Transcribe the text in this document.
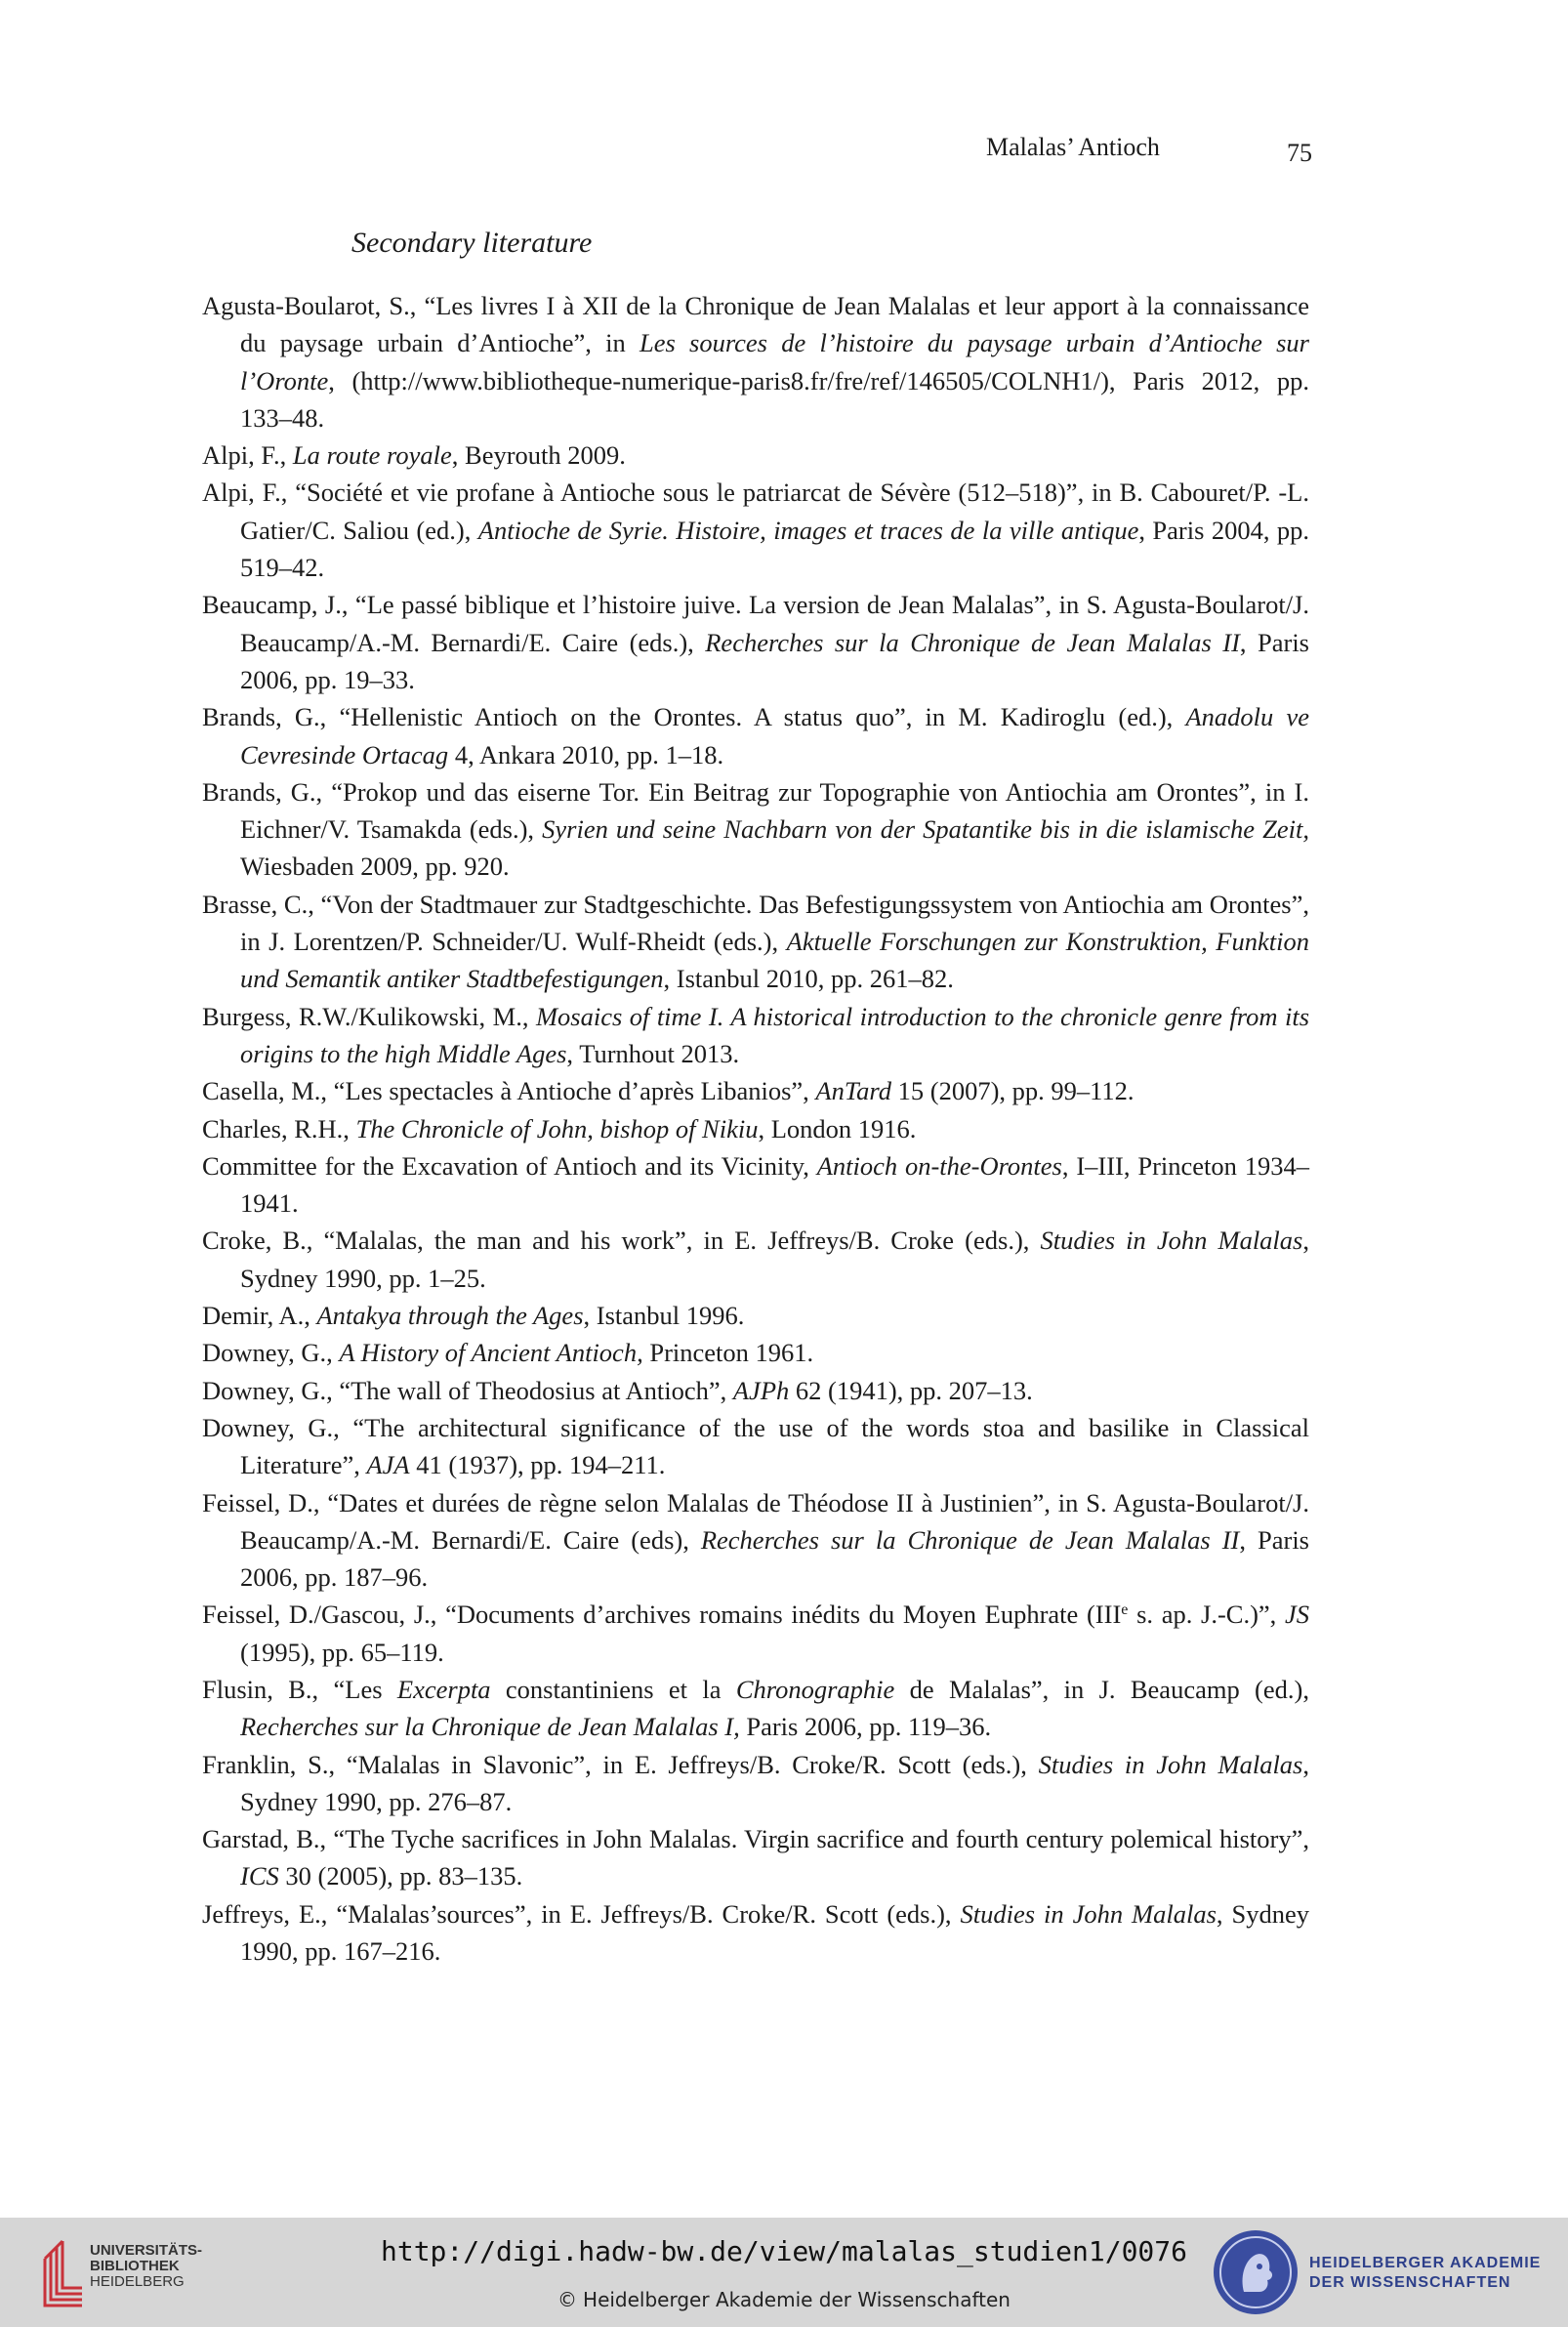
Malalas’ Antioch	75
Secondary literature
Agusta-Boularot, S., “Les livres I à XII de la Chronique de Jean Malalas et leur apport à la connaissance du paysage urbain d’Antioche”, in Les sources de l’histoire du paysage urbain d’Antioche sur l’Oronte, (http://www.bibliotheque-numerique-paris8.fr/fre/ref/146505/COLNH1/), Paris 2012, pp. 133–48.
Alpi, F., La route royale, Beyrouth 2009.
Alpi, F., “Société et vie profane à Antioche sous le patriarcat de Sévère (512–518)”, in B. Cabouret/P. -L. Gatier/C. Saliou (ed.), Antioche de Syrie. Histoire, images et traces de la ville antique, Paris 2004, pp. 519–42.
Beaucamp, J., “Le passé biblique et l’histoire juive. La version de Jean Malalas”, in S. Agusta-Boularot/J. Beaucamp/A.-M. Bernardi/E. Caire (eds.), Recherches sur la Chronique de Jean Malalas II, Paris 2006, pp. 19–33.
Brands, G., “Hellenistic Antioch on the Orontes. A status quo”, in M. Kadiroglu (ed.), Anadolu ve Cevresinde Ortacag 4, Ankara 2010, pp. 1–18.
Brands, G., “Prokop und das eiserne Tor. Ein Beitrag zur Topographie von Antiochia am Orontes”, in I. Eichner/V. Tsamakda (eds.), Syrien und seine Nachbarn von der Spatantike bis in die islamische Zeit, Wiesbaden 2009, pp. 920.
Brasse, C., “Von der Stadtmauer zur Stadtgeschichte. Das Befestigungssystem von Antiochia am Orontes”, in J. Lorentzen/P. Schneider/U. Wulf-Rheidt (eds.), Aktuelle Forschungen zur Konstruktion, Funktion und Semantik antiker Stadtbefestigungen, Istanbul 2010, pp. 261–82.
Burgess, R.W./Kulikowski, M., Mosaics of time I. A historical introduction to the chronicle genre from its origins to the high Middle Ages, Turnhout 2013.
Casella, M., “Les spectacles à Antioche d’après Libanios”, AnTard 15 (2007), pp. 99–112.
Charles, R.H., The Chronicle of John, bishop of Nikiu, London 1916.
Committee for the Excavation of Antioch and its Vicinity, Antioch on-the-Orontes, I–III, Princeton 1934–1941.
Croke, B., “Malalas, the man and his work”, in E. Jeffreys/B. Croke (eds.), Studies in John Malalas, Sydney 1990, pp. 1–25.
Demir, A., Antakya through the Ages, Istanbul 1996.
Downey, G., A History of Ancient Antioch, Princeton 1961.
Downey, G., “The wall of Theodosius at Antioch”, AJPh 62 (1941), pp. 207–13.
Downey, G., “The architectural significance of the use of the words stoa and basilike in Classical Literature”, AJA 41 (1937), pp. 194–211.
Feissel, D., “Dates et durées de règne selon Malalas de Théodose II à Justinien”, in S. Agusta-Boularot/J. Beaucamp/A.-M. Bernardi/E. Caire (eds), Recherches sur la Chronique de Jean Malalas II, Paris 2006, pp. 187–96.
Feissel, D./Gascou, J., “Documents d’archives romains inédits du Moyen Euphrate (IIIe s. ap. J.-C.)”, JS (1995), pp. 65–119.
Flusin, B., “Les Excerpta constantiniens et la Chronographie de Malalas”, in J. Beaucamp (ed.), Recherches sur la Chronique de Jean Malalas I, Paris 2006, pp. 119–36.
Franklin, S., “Malalas in Slavonic”, in E. Jeffreys/B. Croke/R. Scott (eds.), Studies in John Malalas, Sydney 1990, pp. 276–87.
Garstad, B., “The Tyche sacrifices in John Malalas. Virgin sacrifice and fourth century polemical history”, ICS 30 (2005), pp. 83–135.
Jeffreys, E., “Malalas’sources”, in E. Jeffreys/B. Croke/R. Scott (eds.), Studies in John Malalas, Sydney 1990, pp. 167–216.
UNIVERSITÄTS-
BIBLIOTHEK
HEIDELBERG
http://digi.hadw-bw.de/view/malalas_studien1/0076
© Heidelberger Akademie der Wissenschaften
HEIDELBERGER AKADEMIE
DER WISSENSCHAFTEN
